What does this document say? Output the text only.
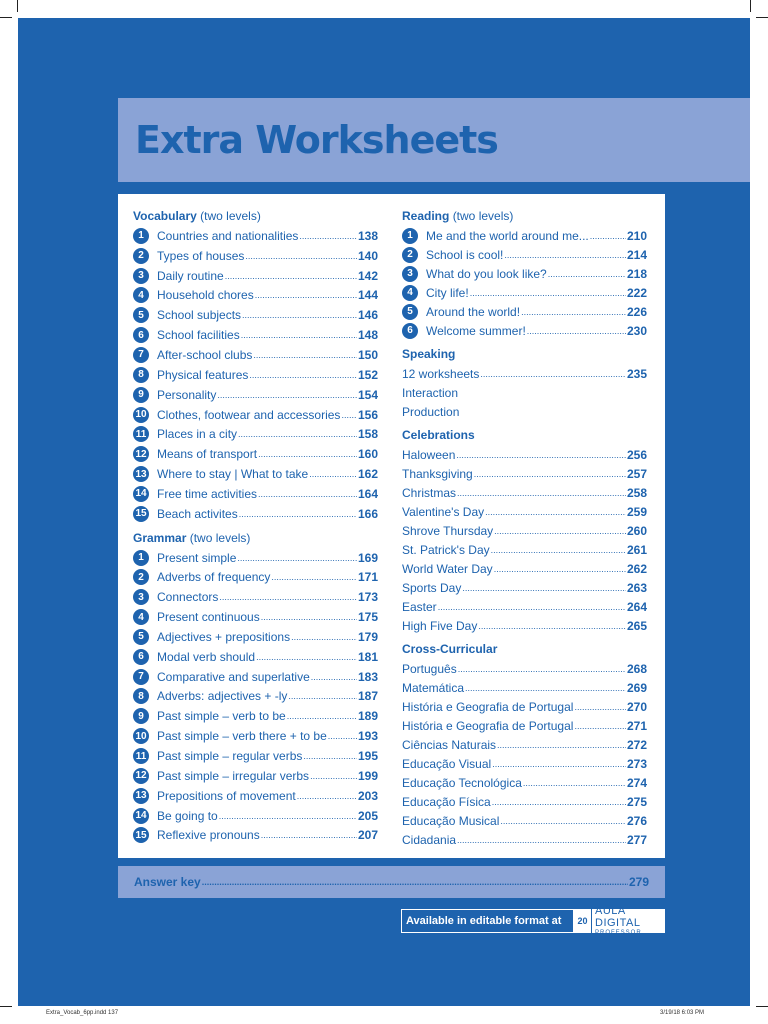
Extra Worksheets
Vocabulary (two levels)
1	Countries and nationalities .....	138
2	Types of houses .....	140
3	Daily routine .....	142
4	Household chores .....	144
5	School subjects .....	146
6	School facilities .....	148
7	After-school clubs .....	150
8	Physical features .....	152
9	Personality .....	154
10 Clothes, footwear and accessories ..... 156
11 Places in a city .....	158
12 Means of transport .....	160
13 Where to stay | What to take .....	162
14 Free time activities .....	164
15 Beach activites .....	166
Grammar (two levels)
1	Present simple .....	169
2	Adverbs of frequency .....	171
3	Connectors .....	173
4	Present continuous .....	175
5	Adjectives + prepositions .....	179
6	Modal verb should .....	181
7	Comparative and superlative .....	183
8	Adverbs: adjectives + -ly .....	187
9	Past simple – verb to be .....	189
10 Past simple – verb there + to be .....	193
11 Past simple – regular verbs .....	195
12 Past simple – irregular verbs .....	199
13 Prepositions of movement .....	203
14 Be going to .....	205
15 Reflexive pronouns .....	207
Reading (two levels)
1	Me and the world around me... .....	210
2	School is cool! .....	214
3	What do you look like? .....	218
4	City life! .....	222
5	Around the world! .....	226
6	Welcome summer! .....	230
Speaking
12 worksheets .....	235
Interaction
Production
Celebrations
Haloween .....	256
Thanksgiving .....	257
Christmas .....	258
Valentine's Day .....	259
Shrove Thursday .....	260
St. Patrick's Day .....	261
World Water Day .....	262
Sports Day .....	263
Easter .....	264
High Five Day .....	265
Cross-Curricular
Português .....	268
Matemática .....	269
História e Geografia de Portugal .....	270
História e Geografia de Portugal .....	271
Ciências Naturais .....	272
Educação Visual .....	273
Educação Tecnológica .....	274
Educação Física .....	275
Educação Musical .....	276
Cidadania .....	277
Answer key .....	279
Available in editable format at	20
AULA DIGITAL
PROFESSOR
Extra_Vocab_6pp.indd 137	3/19/18 6:03 PM
